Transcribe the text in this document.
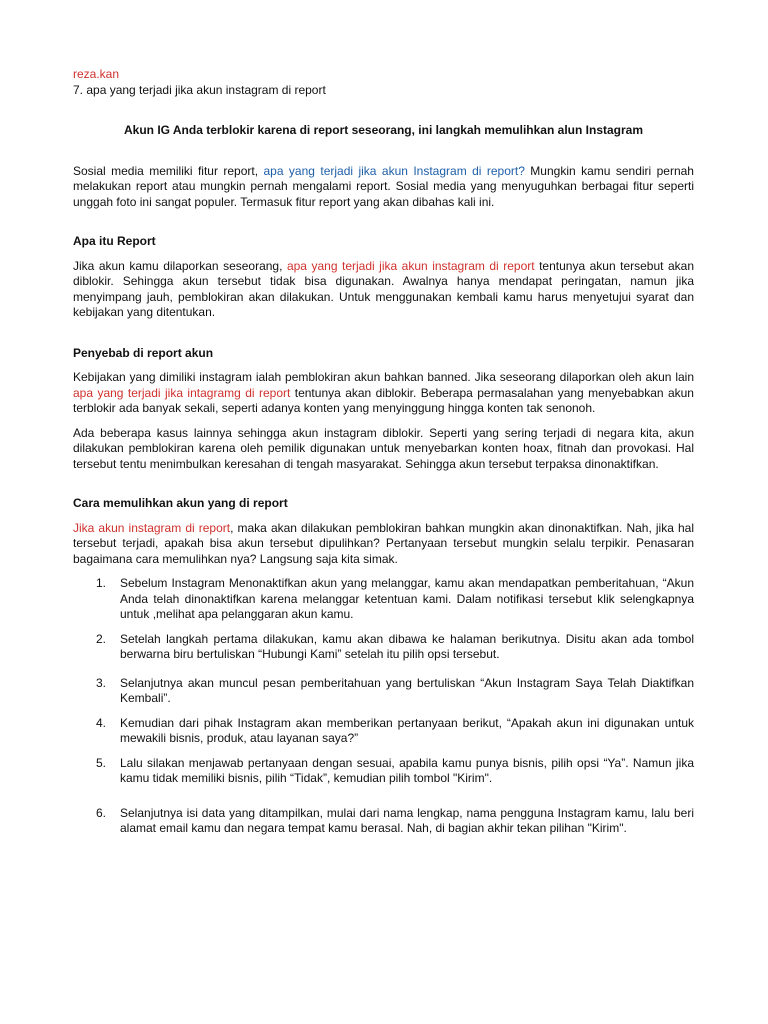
reza.kan

7. apa yang terjadi jika akun instagram di report

Akun IG Anda terblokir karena di report seseorang, ini langkah memulihkan alun Instagram

Sosial media memiliki fitur report, apa yang terjadi jika akun Instagram di report? Mungkin kamu sendiri pernah melakukan report atau mungkin pernah mengalami report. Sosial media yang menyuguhkan berbagai fitur seperti unggah foto ini sangat populer. Termasuk fitur report yang akan dibahas kali ini.

Apa itu Report

Jika akun kamu dilaporkan seseorang, apa yang terjadi jika akun instagram di report tentunya akun tersebut akan diblokir. Sehingga akun tersebut tidak bisa digunakan. Awalnya hanya mendapat peringatan, namun jika menyimpang jauh, pemblokiran akan dilakukan. Untuk menggunakan kembali kamu harus menyetujui syarat dan kebijakan yang ditentukan.

Penyebab di report akun

Kebijakan yang dimiliki instagram ialah pemblokiran akun bahkan banned. Jika seseorang dilaporkan oleh akun lain apa yang terjadi jika intagramg di report tentunya akan diblokir. Beberapa permasalahan yang menyebabkan akun terblokir ada banyak sekali, seperti adanya konten yang menyinggung hingga konten tak senonoh.

Ada beberapa kasus lainnya sehingga akun instagram diblokir. Seperti yang sering terjadi di negara kita, akun dilakukan pemblokiran karena oleh pemilik digunakan untuk menyebarkan konten hoax, fitnah dan provokasi. Hal tersebut tentu menimbulkan keresahan di tengah masyarakat. Sehingga akun tersebut terpaksa dinonaktifkan.

Cara memulihkan akun yang di report

Jika akun instagram di report, maka akan dilakukan pemblokiran bahkan mungkin akan dinonaktifkan. Nah, jika hal tersebut terjadi, apakah bisa akun tersebut dipulihkan? Pertanyaan tersebut mungkin selalu terpikir. Penasaran bagaimana cara memulihkan nya? Langsung saja kita simak.

1. Sebelum Instagram Menonaktifkan akun yang melanggar, kamu akan mendapatkan pemberitahuan, “Akun Anda telah dinonaktifkan karena melanggar ketentuan kami. Dalam notifikasi tersebut klik selengkapnya untuk ,melihat apa pelanggaran akun kamu.
2. Setelah langkah pertama dilakukan, kamu akan dibawa ke halaman berikutnya. Disitu akan ada tombol berwarna biru bertuliskan “Hubungi Kami” setelah itu pilih opsi tersebut.
3. Selanjutnya akan muncul pesan pemberitahuan yang bertuliskan “Akun Instagram Saya Telah Diaktifkan Kembali”.
4. Kemudian dari pihak Instagram akan memberikan pertanyaan berikut, “Apakah akun ini digunakan untuk mewakili bisnis, produk, atau layanan saya?”
5. Lalu silakan menjawab pertanyaan dengan sesuai, apabila kamu punya bisnis, pilih opsi “Ya”. Namun jika kamu tidak memiliki bisnis, pilih “Tidak”, kemudian pilih tombol "Kirim".
6. Selanjutnya isi data yang ditampilkan, mulai dari nama lengkap, nama pengguna Instagram kamu, lalu beri alamat email kamu dan negara tempat kamu berasal. Nah, di bagian akhir tekan pilihan "Kirim".
